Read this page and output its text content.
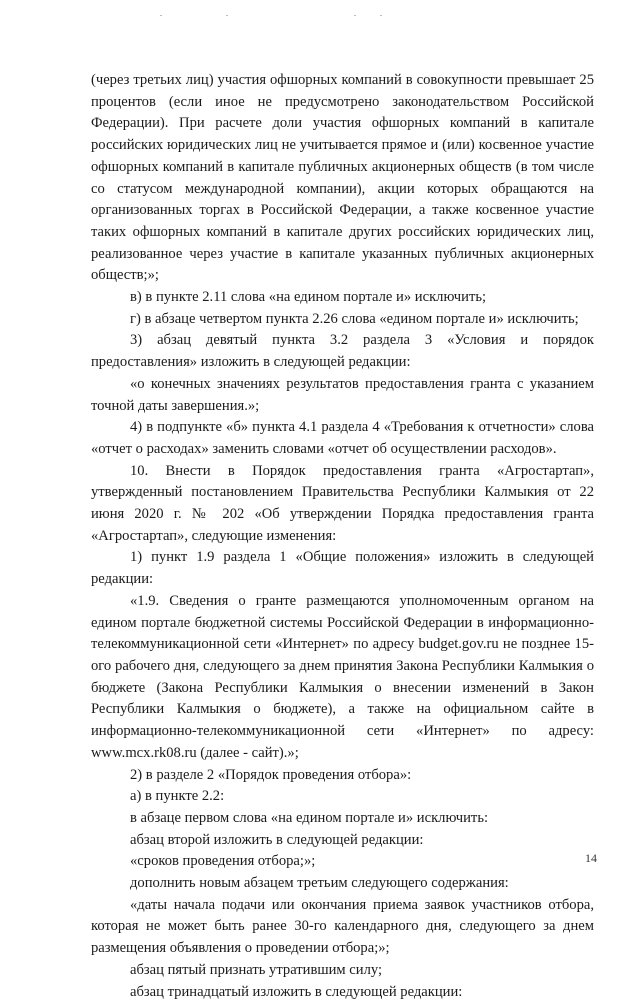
(через третьих лиц) участия офшорных компаний в совокупности превышает 25 процентов (если иное не предусмотрено законодательством Российской Федерации). При расчете доли участия офшорных компаний в капитале российских юридических лиц не учитывается прямое и (или) косвенное участие офшорных компаний в капитале публичных акционерных обществ (в том числе со статусом международной компании), акции которых обращаются на организованных торгах в Российской Федерации, а также косвенное участие таких офшорных компаний в капитале других российских юридических лиц, реализованное через участие в капитале указанных публичных акционерных обществ;»;

в) в пункте 2.11 слова «на едином портале и» исключить;

г) в абзаце четвертом пункта 2.26 слова «едином портале и» исключить;

3) абзац девятый пункта 3.2 раздела 3 «Условия и порядок предоставления» изложить в следующей редакции:

«о конечных значениях результатов предоставления гранта с указанием точной даты завершения.»;

4) в подпункте «б» пункта 4.1 раздела 4 «Требования к отчетности» слова «отчет о расходах» заменить словами «отчет об осуществлении расходов».

10. Внести в Порядок предоставления гранта «Агростартап», утвержденный постановлением Правительства Республики Калмыкия от 22 июня 2020 г. № 202 «Об утверждении Порядка предоставления гранта «Агростартап», следующие изменения:

1) пункт 1.9 раздела 1 «Общие положения» изложить в следующей редакции:

«1.9. Сведения о гранте размещаются уполномоченным органом на едином портале бюджетной системы Российской Федерации в информационно-телекоммуникационной сети «Интернет» по адресу budget.gov.ru не позднее 15-ого рабочего дня, следующего за днем принятия Закона Республики Калмыкия о бюджете (Закона Республики Калмыкия о внесении изменений в Закон Республики Калмыкия о бюджете), а также на официальном сайте в информационно-телекоммуникационной сети «Интернет» по адресу: www.mcx.rk08.ru (далее - сайт).»;

2) в разделе 2 «Порядок проведения отбора»:

а) в пункте 2.2:

в абзаце первом слова «на едином портале и» исключить:

абзац второй изложить в следующей редакции:

«сроков проведения отбора;»;

дополнить новым абзацем третьим следующего содержания:

«даты начала подачи или окончания приема заявок участников отбора, которая не может быть ранее 30-го календарного дня, следующего за днем размещения объявления о проведении отбора;»;

абзац пятый признать утратившим силу;

абзац тринадцатый изложить в следующей редакции:

14
